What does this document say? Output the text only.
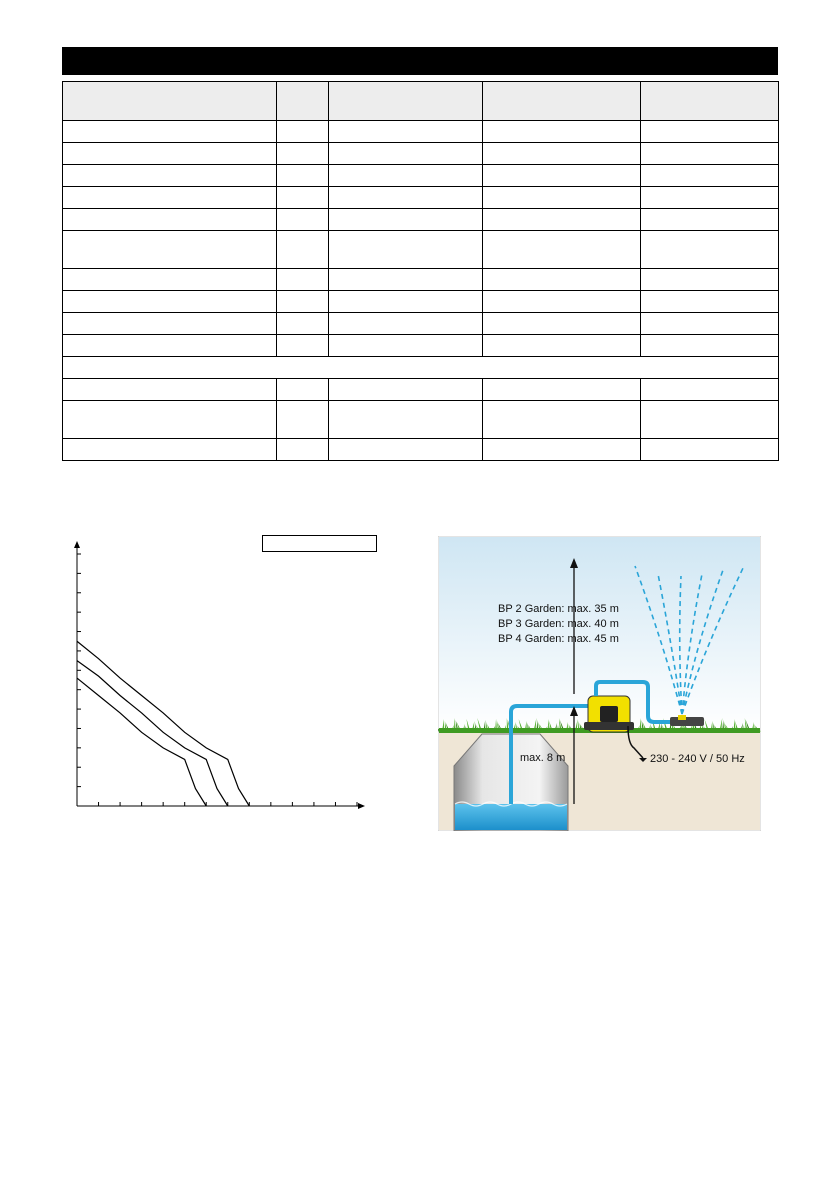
BP 2 Garden: max. 35 m
BP 3 Garden: max. 40 m
BP 4 Garden: max. 45 m
max. 8 m	230 - 240 V / 50 Hz
